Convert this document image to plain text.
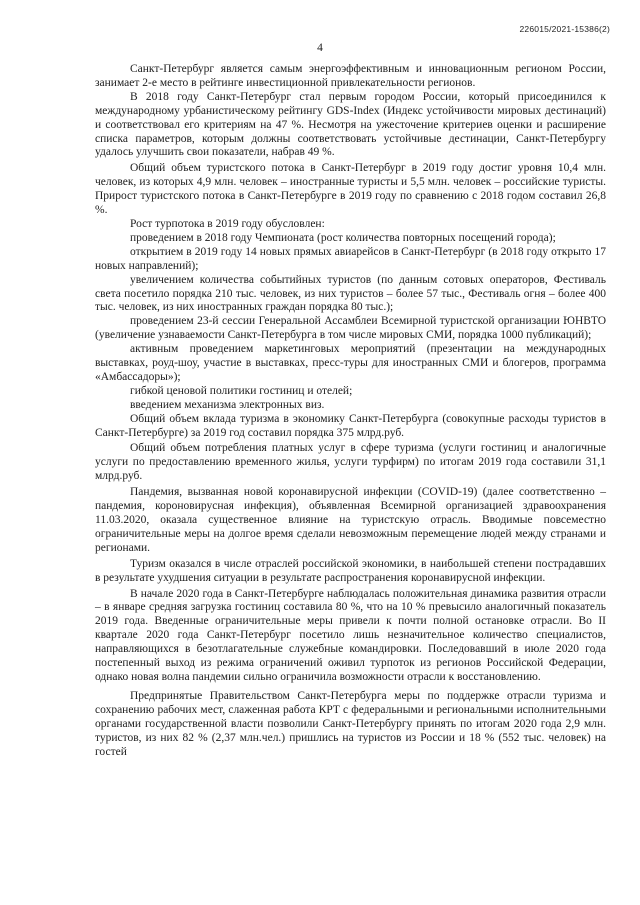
226015/2021-15386(2)
4

Санкт-Петербург является самым энергоэффективным и инновационным регионом России, занимает 2-е место в рейтинге инвестиционной привлекательности регионов.

В 2018 году Санкт-Петербург стал первым городом России, который присоединился к международному урбанистическому рейтингу GDS-Index (Индекс устойчивости мировых дестинаций) и соответствовал его критериям на 47 %. Несмотря на ужесточение критериев оценки и расширение списка параметров, которым должны соответствовать устойчивые дестинации, Санкт-Петербургу удалось улучшить свои показатели, набрав 49 %.

Общий объем туристского потока в Санкт-Петербург в 2019 году достиг уровня 10,4 млн. человек, из которых 4,9 млн. человек – иностранные туристы и 5,5 млн. человек – российские туристы. Прирост туристского потока в Санкт-Петербурге в 2019 году по сравнению с 2018 годом составил 26,8 %.

Рост турпотока в 2019 году обусловлен:

проведением в 2018 году Чемпионата (рост количества повторных посещений города);

открытием в 2019 году 14 новых прямых авиарейсов в Санкт-Петербург (в 2018 году открыто 17 новых направлений);

увеличением количества событийных туристов (по данным сотовых операторов, Фестиваль света посетило порядка 210 тыс. человек, из них туристов – более 57 тыс., Фестиваль огня – более 400 тыс. человек, из них иностранных граждан порядка 80 тыс.);

проведением 23-й сессии Генеральной Ассамблеи Всемирной туристской организации ЮНВТО (увеличение узнаваемости Санкт-Петербурга в том числе мировых СМИ, порядка 1000 публикаций);

активным проведением маркетинговых мероприятий (презентации на международных выставках, роуд-шоу, участие в выставках, пресс-туры для иностранных СМИ и блогеров, программа «Амбассадоры»);

гибкой ценовой политики гостиниц и отелей;

введением механизма электронных виз.

Общий объем вклада туризма в экономику Санкт-Петербурга (совокупные расходы туристов в Санкт-Петербурге) за 2019 год составил порядка 375 млрд.руб.

Общий объем потребления платных услуг в сфере туризма (услуги гостиниц и аналогичные услуги по предоставлению временного жилья, услуги турфирм) по итогам 2019 года составили 31,1 млрд.руб.

Пандемия, вызванная новой коронавирусной инфекции (COVID-19) (далее соответственно – пандемия, короновирусная инфекция), объявленная Всемирной организацией здравоохранения 11.03.2020, оказала существенное влияние на туристскую отрасль. Вводимые повсеместно ограничительные меры на долгое время сделали невозможным перемещение людей между странами и регионами.

Туризм оказался в числе отраслей российской экономики, в наибольшей степени пострадавших в результате ухудшения ситуации в результате распространения коронавирусной инфекции.

В начале 2020 года в Санкт-Петербурге наблюдалась положительная динамика развития отрасли – в январе средняя загрузка гостиниц составила 80 %, что на 10 % превысило аналогичный показатель 2019 года. Введенные ограничительные меры привели к почти полной остановке отрасли. Во II квартале 2020 года Санкт-Петербург посетило лишь незначительное количество специалистов, направляющихся в безотлагательные служебные командировки. Последовавший в июле 2020 года постепенный выход из режима ограничений оживил турпоток из регионов Российской Федерации, однако новая волна пандемии сильно ограничила возможности отрасли к восстановлению.

Предпринятые Правительством Санкт-Петербурга меры по поддержке отрасли туризма и сохранению рабочих мест, слаженная работа КРТ с федеральными и региональными исполнительными органами государственной власти позволили Санкт-Петербургу принять по итогам 2020 года 2,9 млн. туристов, из них 82 % (2,37 млн.чел.) пришлись на туристов из России и 18 % (552 тыс. человек) на гостей
